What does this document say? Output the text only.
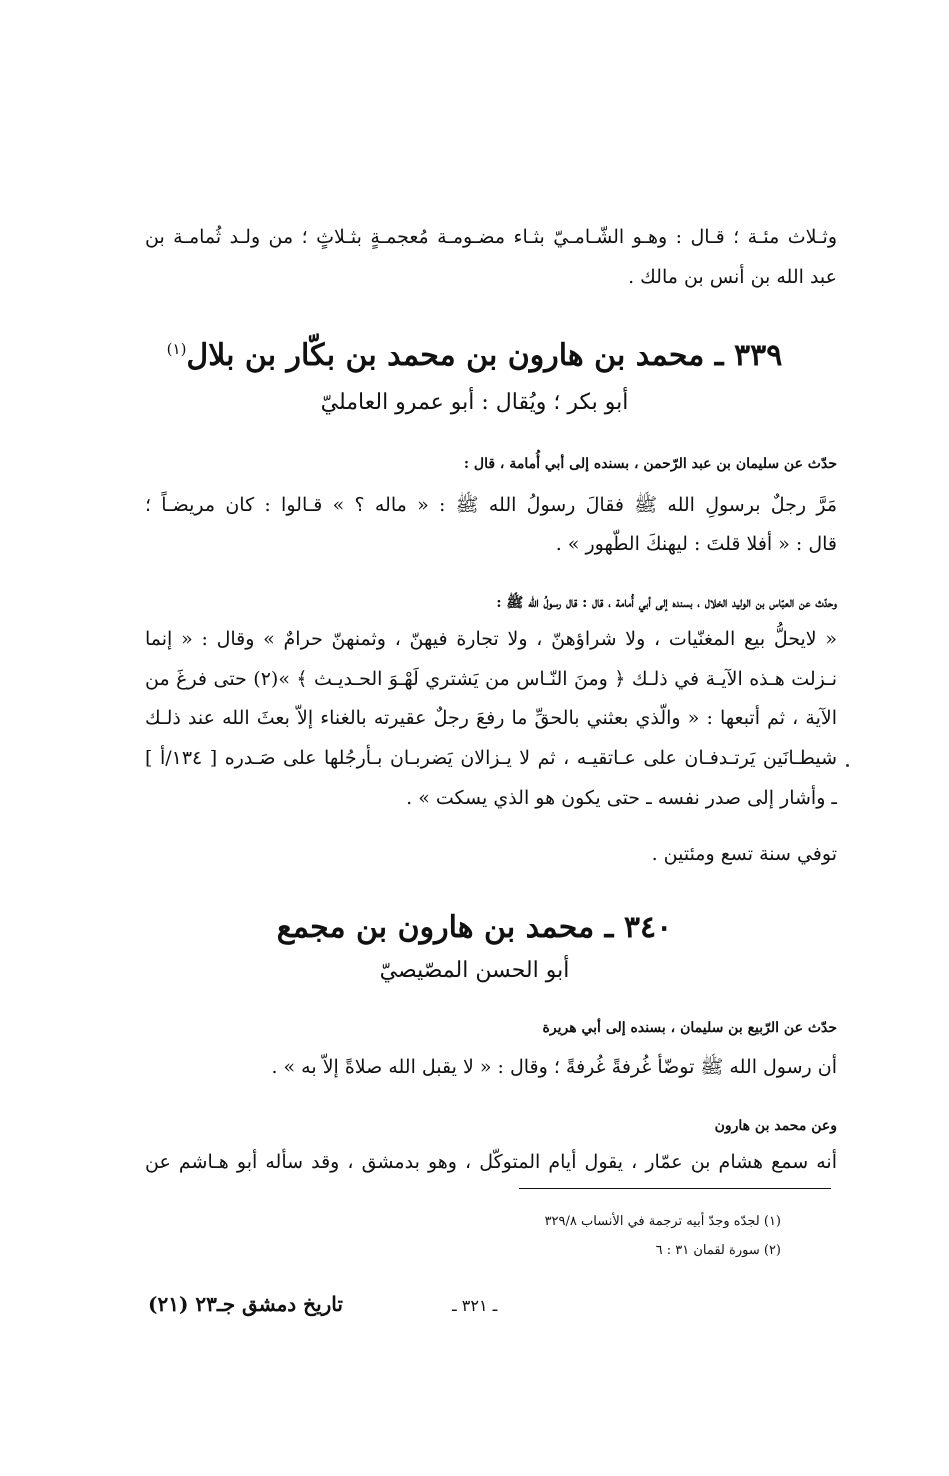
وثـلاث مئـة ؛ قـال : وهـو الشّـامـيّ بثـاء مضـومـة مُعجمـةٍ بثـلاثٍ ؛ من ولـد ثُمامـة بن
عبد الله بن أنس بن مالك .
٣٣٩ ـ محمد بن هارون بن محمد بن بكّار بن بلال$^{(١)}$
أبو بكر ؛ ويُقال : أبو عمرو العامليّ
حدّث عن سليمان بن عبد الرّحمن ، بسنده إلى أبي أُمامة ، قال :
مَرَّ رجلٌ برسولِ الله ﷺ فقالَ رسولُ الله ﷺ : « ماله ؟ » قـالوا : كان مريضـاً ؛
قال : « أفلا قلتَ : ليهنكَ الطّهور » .
وحدّث عن العبّاس بن الوليد الخلال ، بسنده إلى أبي أُمامة ، قال : قال رسولُ الله ﷺ :
« لايحلُّ بيع المغنّيات ، ولا شراؤهنّ ، ولا تجارة فيهنّ ، وثمنهنّ حرامٌ » وقال : « إنما
نـزلت هـذه الآيـة في ذلـك ﴿ ومنَ النّـاس من يَشتري لَهْـوَ الحـديـث ﴾ »(٢) حتى فرغَ من
الآية ، ثم أتبعها : « والّذي بعثني بالحقِّ ما رفعَ رجلٌ عقيرته بالغناء إلاّ بعثَ الله عند ذلـك
شيطـانَين يَرتـدفـان على عـاتقيـه ، ثم لا يـزالان يَضربـان بـأرجُلها على صَـدره [ ١٣٤/أ ]
ـ وأشار إلى صدر نفسه ـ حتى يكون هو الذي يسكت » .
توفي سنة تسع ومئتين .
٣٤٠ ـ محمد بن هارون بن مجمع
أبو الحسن المصّيصيّ
حدّث عن الرّبيع بن سليمان ، بسنده إلى أبي هريرة
أن رسول الله ﷺ توضّأ غُرفةً غُرفةً ؛ وقال : « لا يقبل الله صلاةً إلاّ به » .
وعن محمد بن هارون
أنه سمع هشام بن عمّار ، يقول أيام المتوكّل ، وهو بدمشق ، وقد سأله أبو هـاشم عن
(١) لجدّه وجدّ أبيه ترجمة في الأنساب ٣٢٩/٨
(٢) سورة لقمان ٣١ : ٦
تاريخ دمشق جـ٢٣ (٢١)	ـ ٣٢١ ـ
